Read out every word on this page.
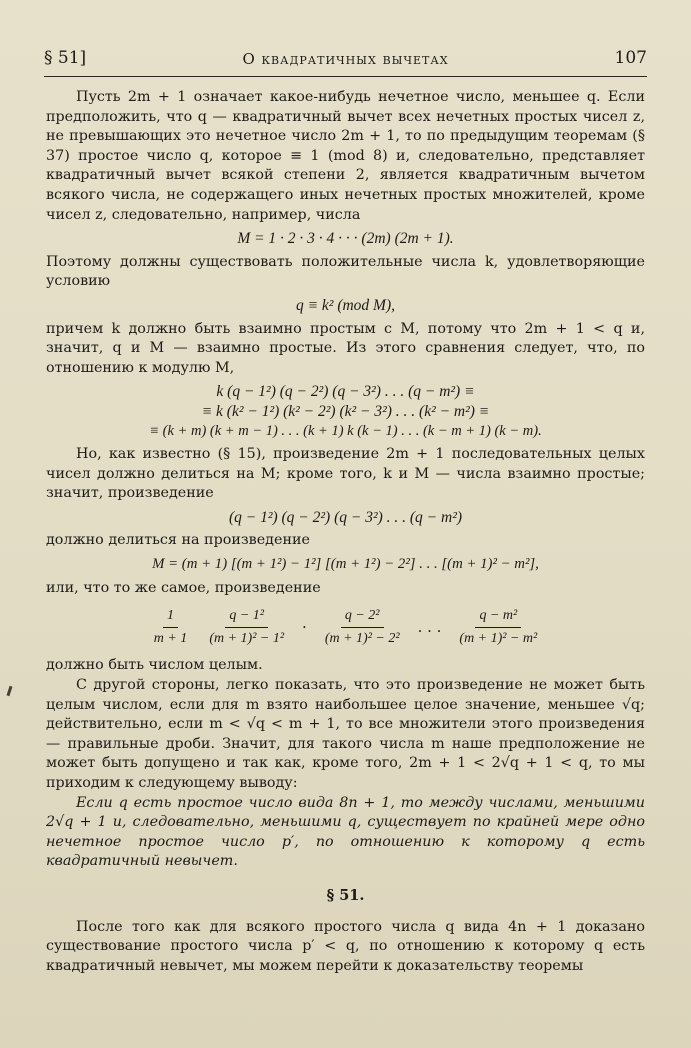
§ 51]	О квадратичных вычетах	107

Пусть 2m + 1 означает какое-нибудь нечетное число, меньшее q. Если предположить, что q — квадратичный вычет всех нечетных простых чисел z, не превышающих это нечетное число 2m + 1, то по предыдущим теоремам (§ 37) простое число q, которое ≡ 1 (mod 8) и, следовательно, представляет квадратичный вычет всякой степени 2, является квадратичным вычетом всякого числа, не содержащего иных нечетных простых множителей, кроме чисел z, следовательно, например, числа

M = 1 · 2 · 3 · 4 · · · (2m) (2m + 1).

Поэтому должны существовать положительные числа k, удовлетворяющие условию

q ≡ k² (mod M),

причем k должно быть взаимно простым с M, потому что 2m + 1 < q и, значит, q и M — взаимно простые. Из этого сравнения следует, что, по отношению к модулю M,

k (q − 1²) (q − 2²) (q − 3²) . . . (q − m²) ≡
≡ k (k² − 1²) (k² − 2²) (k² − 3²) . . . (k² − m²) ≡
≡ (k + m) (k + m − 1) . . . (k + 1) k (k − 1) . . . (k − m + 1) (k − m).

Но, как известно (§ 15), произведение 2m + 1 последовательных целых чисел должно делиться на M; кроме того, k и M — числа взаимно простые; значит, произведение

(q − 1²) (q − 2²) (q − 3²) . . . (q − m²)

должно делиться на произведение

M = (m + 1) [(m + 1²) − 1²] [(m + 1²) − 2²] . . . [(m + 1)² − m²],

или, что то же самое, произведение

$\frac{1}{m + 1} \frac{\text{q − 1²}}{\text{(m + 1)² − 1²}} \cdot \frac{\text{q − 2²}}{\text{(m + 1)² − 2²}}$ . . . $\frac{\text{q − m²}}{\text{(m + 1)² − m²}}$

должно быть числом целым.

С другой стороны, легко показать, что это произведение не может быть целым числом, если для m взято наибольшее целое значение, меньшее √q; действительно, если m < √q < m + 1, то все множители этого произведения — правильные дроби. Значит, для такого числа m наше предположение не может быть допущено и так как, кроме того, 2m + 1 < 2√q + 1 < q, то мы приходим к следующему выводу:

Если q есть простое число вида 8n + 1, то между числами, меньшими 2√q + 1 и, следовательно, меньшими q, существует по крайней мере одно нечетное простое число p′, по отношению к которому q есть квадратичный невычет.

§ 51.

После того как для всякого простого числа q вида 4n + 1 доказано существование простого числа p′ < q, по отношению к которому q есть квадратичный невычет, мы можем перейти к доказательству теоремы
